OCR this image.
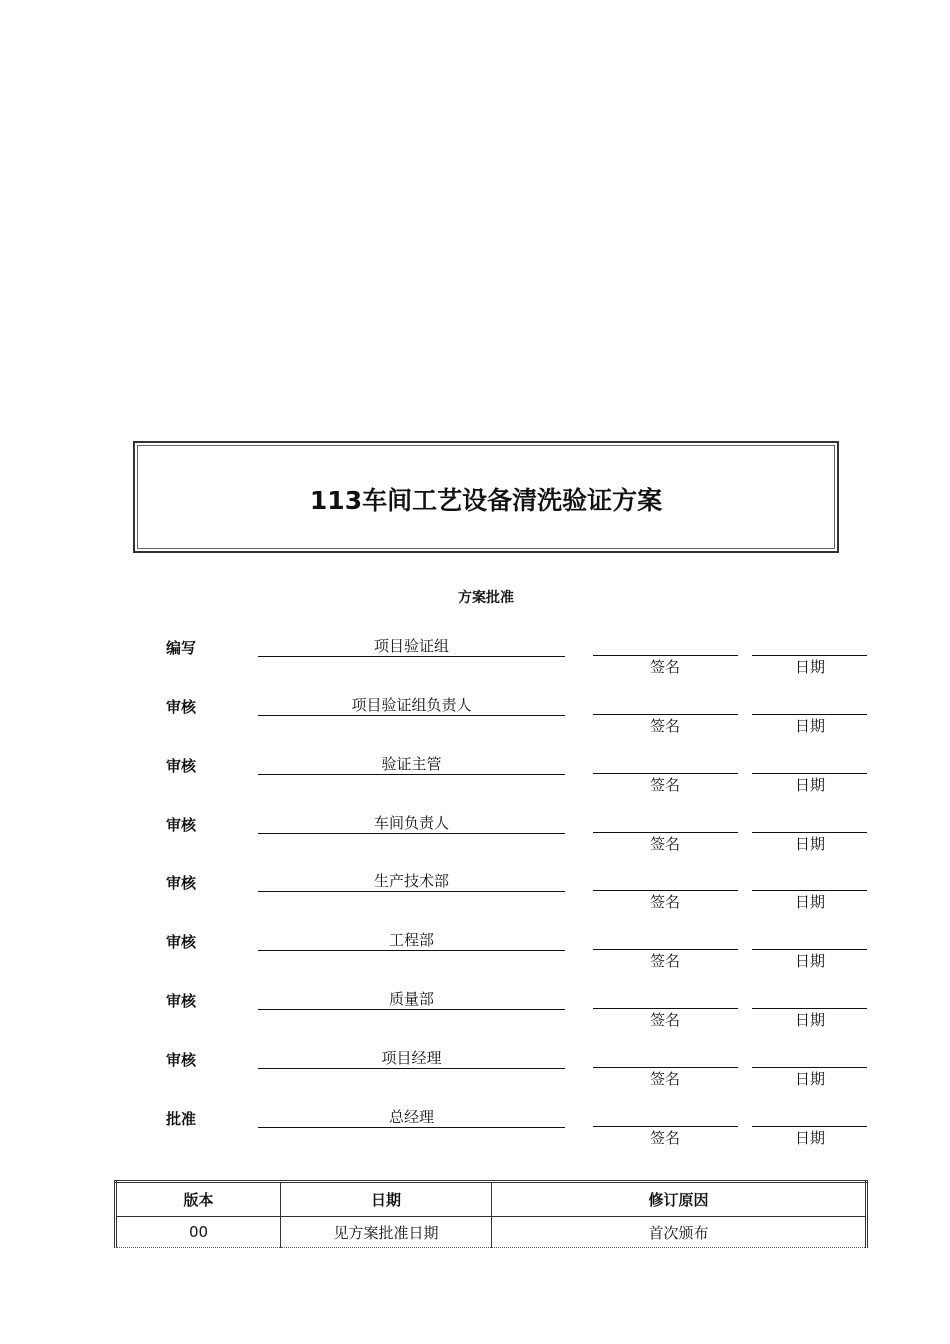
113车间工艺设备清洗验证方案
方案批准
编写	项目验证组
签名	日期
审核	项目验证组负责人
签名	日期
审核	验证主管
签名	日期
审核	车间负责人
签名	日期
审核	生产技术部
签名	日期
审核	工程部
签名	日期
审核	质量部
签名	日期
审核	项目经理
签名	日期
批准	总经理
签名	日期
版本	日期	修订原因
00	见方案批准日期	首次颁布
